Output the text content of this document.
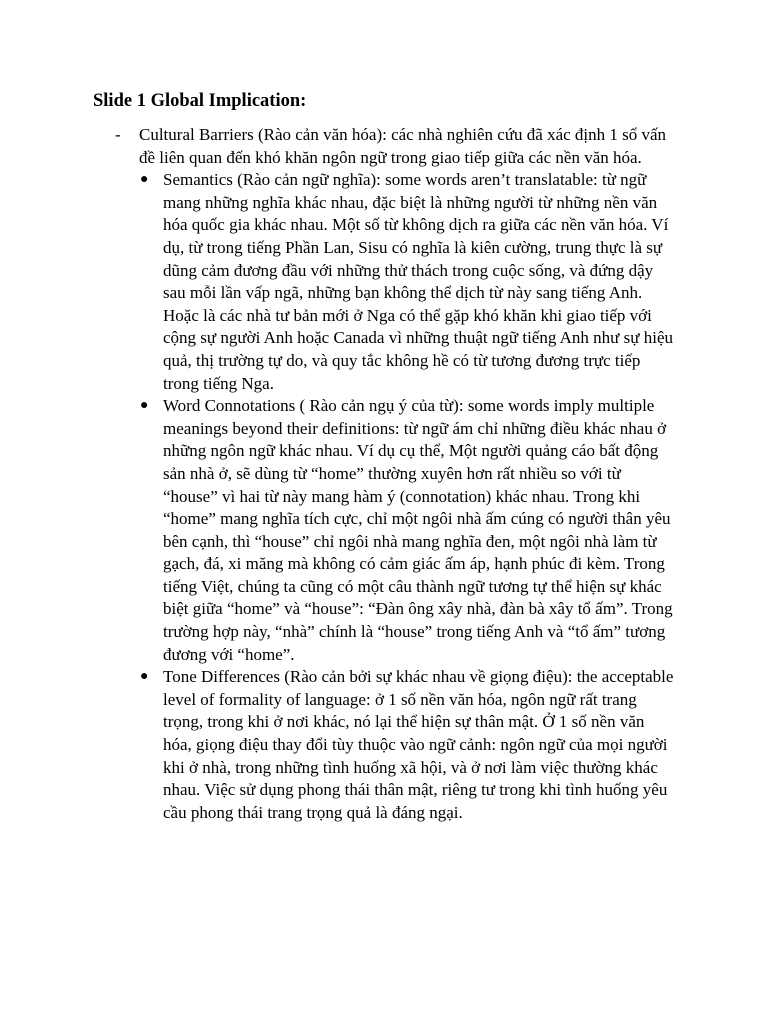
Slide 1 Global Implication:
- Cultural Barriers (Rào cản văn hóa): các nhà nghiên cứu đã xác định 1 số vấn đề liên quan đến khó khăn ngôn ngữ trong giao tiếp giữa các nền văn hóa.
● Semantics (Rào cản ngữ nghĩa): some words aren’t translatable: từ ngữ mang những nghĩa khác nhau, đặc biệt là những người từ những nền văn hóa quốc gia khác nhau. Một số từ không dịch ra giữa các nền văn hóa. Ví dụ, từ trong tiếng Phần Lan, Sisu có nghĩa là kiên cường, trung thực là sự dũng cảm đương đầu với những thử thách trong cuộc sống, và đứng dậy sau mỗi lần vấp ngã, những bạn không thể dịch từ này sang tiếng Anh. Hoặc là các nhà tư bản mới ở Nga có thể gặp khó khăn khi giao tiếp với cộng sự người Anh hoặc Canada vì những thuật ngữ tiếng Anh như sự hiệu quả, thị trường tự do, và quy tắc không hề có từ tương đương trực tiếp trong tiếng Nga.
● Word Connotations ( Rào cản ngụ ý của từ): some words imply multiple meanings beyond their definitions: từ ngữ ám chỉ những điều khác nhau ở những ngôn ngữ khác nhau. Ví dụ cụ thể, Một người quảng cáo bất động sản nhà ở, sẽ dùng từ “home” thường xuyên hơn rất nhiều so với từ “house” vì hai từ này mang hàm ý (connotation) khác nhau. Trong khi “home” mang nghĩa tích cực, chỉ một ngôi nhà ấm cúng có người thân yêu bên cạnh, thì “house” chỉ ngôi nhà mang nghĩa đen, một ngôi nhà làm từ gạch, đá, xi măng mà không có cảm giác ấm áp, hạnh phúc đi kèm. Trong tiếng Việt, chúng ta cũng có một câu thành ngữ tương tự thể hiện sự khác biệt giữa “home” và “house”: “Đàn ông xây nhà, đàn bà xây tổ ấm”. Trong trường hợp này, “nhà” chính là “house” trong tiếng Anh và “tổ ấm” tương đương với “home”.
● Tone Differences (Rào cản bởi sự khác nhau về giọng điệu): the acceptable level of formality of language: ở 1 số nền văn hóa, ngôn ngữ rất trang trọng, trong khi ở nơi khác, nó lại thể hiện sự thân mật. Ở 1 số nền văn hóa, giọng điệu thay đổi tùy thuộc vào ngữ cảnh: ngôn ngữ của mọi người khi ở nhà, trong những tình huống xã hội, và ở nơi làm việc thường khác nhau. Việc sử dụng phong thái thân mật, riêng tư trong khi tình huống yêu cầu phong thái trang trọng quả là đáng ngại.
